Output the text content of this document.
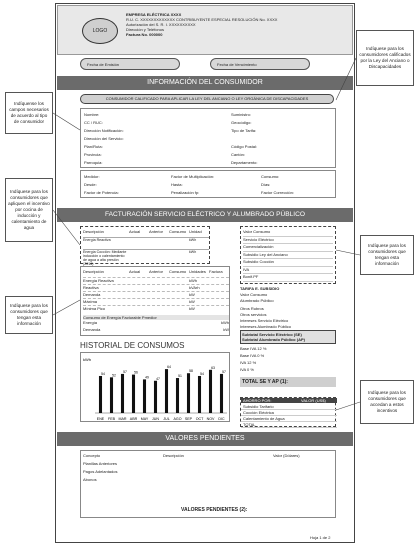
LOGO
EMPRESA ELÉCTRICA XXXX
R.U. C. XXXXXXXXXXXXX CONTRIBUYENTE ESPECIAL RESOLUCIÓN No. XXXX
Autorización del S. R. I. XXXXXXXXXX
Dirección y Teléfonos
Factura No. 000000
Fecha de Emisión	Fecha de Vencimiento
INFORMACIÓN DEL CONSUMIDOR
CONSUMIDOR CALIFICADO PARA APLICAR LA LEY DEL ANCIANO O LEY ORGÁNICA DE DISCAPACIDADES
Nombre:
CC / RUC:
Dirección Notificación:
Dirección del Servicio:
Plan/Ruta:
Provincia:
Parroquia:
Suministro:
Geocódigo:
Tipo de Tarifa:
Código Postal:
Cantón:
Departamento:
Medidor:
Desde:
Factor de Potencia:
Factor de Multiplicación:
Hasta:
Penalización fp:
Consumo:
Días:
Factor Corrección:
FACTURACIÓN SERVICIO ELÉCTRICO Y ALUMBRADO PÚBLICO
Descripción	Actual	Anterior	Consumo Unidad
Energía Reactiva	kWh
Energía Cocción: Mediante inducción o calentamiento de agua a alta presión (2016)
kWh
Descripción	Actual	Anterior	Consumo Unidades Factura
Energía Reactiva	kWh
Reactiva	kVArh
Demanda	kW
Máxima	kW
Mínima Pico	kW
Consumo de Energía Facturable Pmedior
Energía	kWh
Demanda	kW
Valor Consumo
Servicio Eléctrico
Comercialización
Subsidio Ley del Anciano
Subsidio Cocción
IVA
Bonif.PF
TARIFA E. SUBSIDIO
Valor Consumo
Alumbrado Público
Otros Rubros
Otros servicios
Intereses Servicio Eléctrico
Intereses Alumbrado Público
Subtotal Servicio Eléctrico (SE)
Subtotal Alumbrado Público (AP)
Base IVA 12 %
Base IVA 0 %
IVA 12 %
IVA 0 %
TOTAL SE Y AP (1):
HISTORIAL DE CONSUMOS
kWh
54
ENE
52
FEB
57
MAR
56
ABR
49
MAY
47
JUN
64
JUL
51
AGO
58
SEP
54
OCT
63
NOV
57
DIC
AHORRO POR:	VALOR (US$)
Subsidio Tarifario
Cocción Eléctrica
Calentamiento de Agua
TOTAL
VALORES PENDIENTES
Concepto	Descripción	Valor (Dólares)
Planillas Anteriores
Pagos Adelantados
Abonos
VALORES PENDIENTES (2):
Hoja 1 de 2
Indíquese para los consumidores calificados por la Ley del Anciano o Discapacidades
Indíquense los campos necesarios de acuerdo al tipo de consumidor
Indíquese para los consumidores que apliquen el incentivo por cocina de inducción y calentamiento de agua
Indíquese para los consumidores que tengan esta información
Indíquese para los consumidores que tengan esta información
Indíquese para los consumidores que accedan a estos incentivos
